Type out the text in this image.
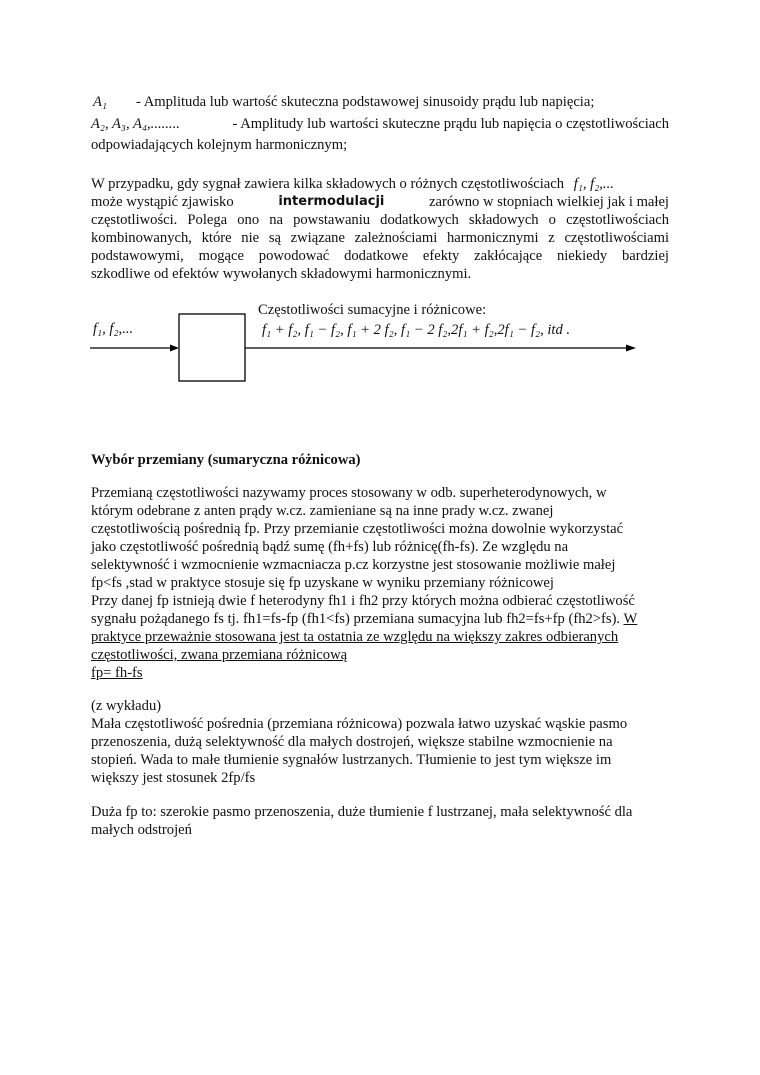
A₁ - Amplituda lub wartość skuteczna podstawowej sinusoidy prądu lub napięcia;
A₂, A₃, A₄,........	- Amplitudy lub wartości skuteczne prądu lub napięcia o częstotliwościach
odpowiadających kolejnym harmonicznym;
W przypadku, gdy sygnał zawiera kilka składowych o różnych częstotliwościach f₁, f₂,...
może wystąpić zjawisko	intermodulacji	zarówno w stopniach wielkiej jak i małej
częstotliwości. Polega ono na powstawaniu dodatkowych składowych o częstotliwościach
kombinowanych, które nie są związane zależnościami harmonicznymi z częstotliwościami
podstawowymi, mogące powodować dodatkowe efekty zakłócające niekiedy bardziej
szkodliwe od efektów wywołanych składowymi harmonicznymi.
Częstotliwości sumacyjne i różnicowe:
f₁ + f₂, f₁ − f₂, f₁ + 2 f₂, f₁ − 2 f₂,2f₁ + f₂,2f₁ − f₂, itd .
f₁, f₂,...
Wybór przemiany (sumaryczna różnicowa)
Przemianą częstotliwości nazywamy proces stosowany w odb. superheterodynowych, w
którym odebrane z anten prądy w.cz. zamieniane są na inne prady w.cz. zwanej
częstotliwością pośrednią fp. Przy przemianie częstotliwości można dowolnie wykorzystać
jako częstotliwość pośrednią bądź sumę (fh+fs) lub różnicę(fh-fs). Ze względu na
selektywność i wzmocnienie wzmacniacza p.cz korzystne jest stosowanie możliwie małej
fp<fs ,stad w praktyce stosuje się fp uzyskane w wyniku przemiany różnicowej
Przy danej fp istnieją dwie f heterodyny fh1 i fh2 przy których można odbierać częstotliwość
sygnału pożądanego fs tj. fh1=fs-fp (fh1<fs) przemiana sumacyjna lub fh2=fs+fp (fh2>fs). W
praktyce przeważnie stosowana jest ta ostatnia ze względu na większy zakres odbieranych
częstotliwości, zwana przemiana różnicową
fp= fh-fs
(z wykładu)
Mała częstotliwość pośrednia (przemiana różnicowa) pozwala łatwo uzyskać wąskie pasmo
przenoszenia, dużą selektywność dla małych dostrojeń, większe stabilne wzmocnienie na
stopień. Wada to małe tłumienie sygnałów lustrzanych. Tłumienie to jest tym większe im
większy jest stosunek 2fp/fs
Duża fp to: szerokie pasmo przenoszenia, duże tłumienie f lustrzanej, mała selektywność dla
małych odstrojeń
